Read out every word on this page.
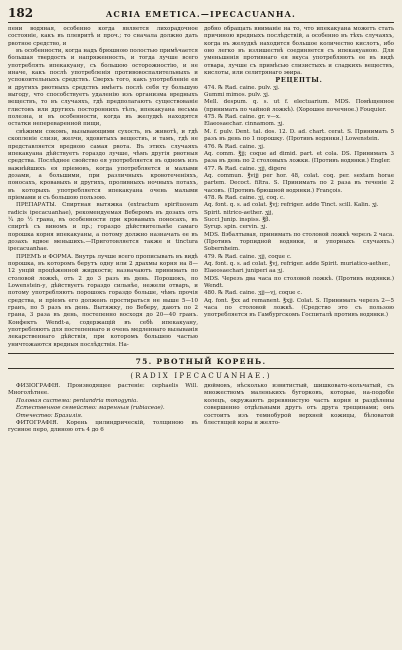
182	ACRIA EMETICA.—IPECACUANHA.

пени водяная, особенно когда является лихорадочное состояніе, какъ въ плевритѣ и проч.; то сначала должно дать рвотное средство, и

въ особенности, когда надъ брюшною полостью примѣчается большая твердость и напряженность, и тогда лучше всего употреблять ипекакуану, съ большою осторожностію, и не иначе, какъ послѣ употребленія противовоспалительныхъ и успокоительныхъ средствъ. Сверхъ того, какъ употребленіе ея и другихъ рвотныхъ средствъ имѣетъ послѣ себя ту большую выгоду, что способствуетъ удаленію изъ организма вредныхъ веществъ, то въ случаяхъ, гдѣ предполагаютъ существованіе глистовъ или другихъ постороннихъ тѣлъ, ипекакуана весьма полезна, и въ особенности, когда въ желудкѣ находятся остатки непереваренной пищи,

свѣжими сокомъ, вызывающими сухость, въ животѣ, и гдѣ скопленіе слизи, желчи, ядовитыхъ веществъ, и тамъ, гдѣ не представляется вредною самая рвота. Въ этихъ случаяхъ ипекакуана дѣйствуетъ гораздо лучше, чѣмъ другія рвотныя средства. Послѣднее свойство ея употребляется въ одномъ изъ важнѣйшихъ ея пріемовъ, когда употребляется и малыми дозами, а большими, при различныхъ кровотеченіяхъ, поносахъ, кровавыхъ и другихъ, проливныхъ ночныхъ потахъ, въ которыхъ употребляется ипекакуана очень малыми пріемами и съ большою пользою.

ПРЕПАРАТЫ. Спиртная вытяжка (extractum spirituosum radicis ipecacuanhae), рекомендуемая Веберомъ въ дозахъ отъ ¼ до ½ грана, въ особенности при кровавыхъ поносахъ, въ спиртѣ съ виномъ и пр.; гораздо дѣйствительнѣе самаго порошка корня ипекакуаны, а потому должно назначать ее въ дозахъ вдвое меньшихъ.—Приготовляется также и tinctura ipecacuanhae.

ПРІЕМЪ и ФОРМА. Внутрь лучше всего прописывать въ видѣ порошка, въ которомъ берутъ одну или 2 драхмы корня на 8—12 унцій процѣженной жидкости; назначаютъ принимать по столовой ложкѣ, отъ 2 до 3 разъ въ день. Порошокъ, по Lowenstein-у, дѣйствуетъ гораздо сильнѣе, нежели отваръ, и потому употребляютъ порошокъ гораздо больше, чѣмъ прочія средства, и пріемъ его долженъ простираться не выше 5—10 гранъ, по 5 разъ въ день. Вытяжку, по Веберу, даютъ по 2 грана, 3 раза въ день, постепенно восходя до 20—40 гранъ. Конфектъ Wendt-а, содержащій въ себѣ ипекакуану, употребляютъ для постепеннаго и очень медленнаго вызыванія лекарственнаго дѣйствія, при которомъ большею частью уничтожаются вредныя послѣдствія. На-

добно обращать вниманіе на то, что ипекакуана можетъ стать причиною вредныхъ послѣдствій, а особенно въ тѣхъ случаяхъ, когда въ желудкѣ находится большое количество кислотъ, ибо оно легко въ излишествѣ соединяется съ ипекакуаною. Для уменьшенія противнаго ея вкуса употребляютъ ее въ видѣ отвара, лучше съ примѣсью слизистыхъ и сладкихъ веществъ, кислоты, или селитрянаго эѳира.

РЕЦЕПТЫ.

474. ℞ Rad. caine. pulv. ʒj.

Gummi mimos. pulv. ʒj.

Mell. despum. q. s. ut f. electuarium. MDS. Помѣщенное (принимать по чайной ложкѣ). (Хорошее почечное.) Fouquier.

475. ℞ Rad. caine. gr. v—x.

Elaeosaechar. cinnamom. ʒj.

M. f. pulv. Dent. tal. dos. 12. D. ad. chart. cerat. S. Принимать 5 разъ въ день по 1 порошку. (Противъ водянки.) Lowenstein.

476. ℞ Rad. caine. ʒj.

Aq. comm. ℥jj; coque ad dimid. part. et cola. DS. Принимать 3 раза въ день по 2 столовыхъ ложки. (Противъ водянки.) Engler.

477. ℞ Rad. caine. ʒjj, digere

Aq. commun. ℥vijj per hor. 48, colat. coq. per. sextam horae partem. Decoct. filtra. S. Принимать по 2 раза въ теченіе 2 часовъ. (Противъ брюшной водянки.) François.

478. ℞ Rad. caine. ʒj, coq. c.

Aq. font. q. s. ad colat. ℥vj; refriger. adde Tinct. scill. Kalin. ʒj.

Spirit. nitrico-aether. ʒjj,

Succi Junip. inspiss. ℥β.

Syrup. spin. cervin. ʒj.

MDS. Взбалтывая, принимать по столовой ложкѣ черезъ 2 часа. (Противъ торпидной водянки, и упорныхъ случаяхъ.) Sobernheim.

479. ℞ Rad. caine. ʒjj, coque c.

Aq. font. q. s. ad colat. ℥vj, refriger. adde Spirit. muriatico-aether.,

Elaeosaechari juniperi aa ʒj.

MDS. Черезъ два часа по столовой ложкѣ. (Противъ водянки.) Wendt.

480. ℞ Rad. caine. ʒjj—vj, coque c.

Aq. font. ℥xx ad remanent. ℥xjj. Colat. S. Принимать черезъ 2—5 часа по столовой ложкѣ. (Средство это съ пользою употребляется въ Гамбургскомъ Госпиталѣ противъ водянки.)

75. РВОТНЫЙ КОРЕНЬ.
(RADIX IPECACUANHAE.)

ФИЗІОГРАФІЯ. Производящее растеніе: cephaelis Will. Многолѣтнее.

Половая система: pentandria monogynia.

Естественное семейство: маренныя (rubiaceae).

Отечество: Бразилія.

ФИТОГРАФІЯ. Корень цилиндрическій, толщиною въ гусиное перо, длиною отъ 4 до 6

дюймовъ, нѣсколько извитистый, шишковато-кольчатый, съ множествомъ маленькихъ бугорковъ, которые, на-подобіе колецъ, окружаютъ деревянистую часть корня и раздѣлены совершенно отдѣльными другъ отъ друга трещинами; онъ состоитъ изъ темнобурой верхней кожицы, бѣловатой блестящей коры и желто-
